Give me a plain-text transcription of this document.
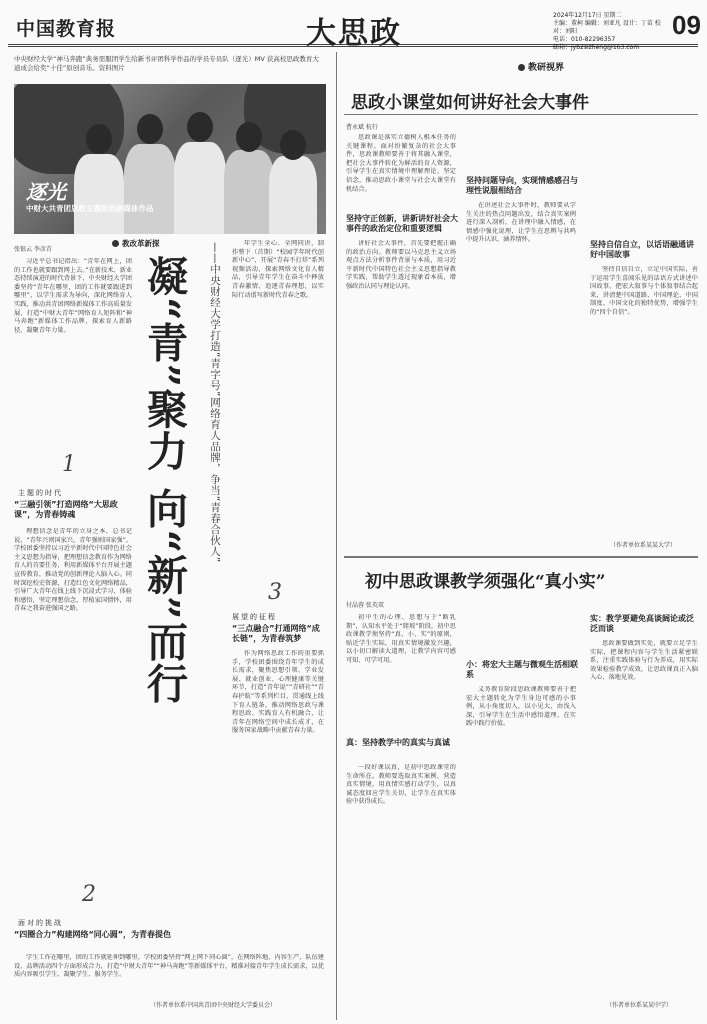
中国教育报	大思政
2024年12月17日 星期二
主编：董柯 编辑：刘亚凡 设计：丁苗 校对：刘阳
电话：010-82296357
邮箱：jyb2sizheng@163.com
09
中央财经大学“神马奔跑”典务需服团学生给新书评团科学作品的学员专员队（逐光）MV 获高校思政教育大道成会给奖“十佳”原创音乐。资料图片
逐光
中财大共青团思政主题原创新媒体作品
教改革新探
张银云 李彦青
习近平总书记指出：“青年在网上，团的工作也就要跟到网上去。”在新技术、新业态持续演进的时代背景下，中央财经大学团委坚持“青年在哪里，团的工作就要跟进到哪里”，以学生需求为导向，深化网络育人实践，推动共青团网络新媒体工作高质量发展，打造“中财大青年”网络育人矩阵和“神马奔跑”新媒体工作品牌，探索育人新路径，凝聚青年力量。
1
主题的时代
“三融引领”打造网络“大思政课”，为青春铸魂
理想信念是青年的立身之本，总书记说，“青年兴则国家兴，青年强则国家强”。学校团委坚持以习近平新时代中国特色社会主义思想为指导，把理想信念教育作为网络育人的首要任务，利用新媒体平台开展主题宣传教育，推动党的创新理论入脑入心。同时深挖校史资源，打造红色文化网络精品，引导广大青年在线上线下沉浸式学习、体验和感悟，坚定理想信念，厚植家国情怀，用青春之我奋进强国之路。
2
面对的挑战
“四圈合力”构建网络“同心圆”，为青春提色
学生工作在哪里，团的工作就延伸到哪里。学校团委坚持“网上网下同心圆”，在网络阵地、内容生产、队伍建设、品牌活动四个方面形成合力，打造“中财大青年”“神马奔跑”等新媒体平台，精准对接青年学生成长需求，以优质内容吸引学生、凝聚学生、服务学生。
凝“青”聚力 向“新”而行	——中央财经大学打造“青字号”网络育人品牌，争当“青春合伙人”	年学生全心、全网同讲，制作整下（首期）“校园学年时代创新中心”，开展“青春不打烊”系列视频活动，探索网络文化育人精品，引导青年学生在奋斗中释放青春激情、追逐青春理想，以实际行动谱写新时代青春之歌。
3
展望的征程
“三点融合”打通网络“成长链”，为青春筑梦
作为网络思政工作的重要抓手，学校团委围绕青年学生的成长需求，聚焦思想引领、学业发展、就业创业、心理健康等关键环节，打造“青年说”“青研社”“青春护航”等系列栏目，贯通线上线下育人链条，推动网络思政与课程思政、实践育人有机融合，让青年在网络空间中成长成才，在服务国家战略中贡献青春力量。
（作者单位系中国共青团中央财经大学委员会）
教研视界
思政小课堂如何讲好社会大事件
曹永斌 杭行
思政课是落实立德树人根本任务的关键课程。面对纷繁复杂的社会大事件，思政课教师要善于将其融入课堂，把社会大事件转化为鲜活的育人资源，引导学生在真实情境中理解理论、坚定信念，推动思政小课堂与社会大课堂有机结合。
坚持守正创新，讲新讲好社会大事件的政治定位和重要逻辑
讲好社会大事件，首先要把握正确的政治方向。教师要以马克思主义立场观点方法分析事件背景与本质，用习近平新时代中国特色社会主义思想指导教学实践，帮助学生透过现象看本质，增强政治认同与理论认同。
坚持问题导向，实现情感感召与理性说服相结合
在讲述社会大事件时，教师要从学生关注的热点问题出发，结合真实案例进行深入剖析，在讲理中融入情感，在情感中强化说理，让学生在思辨与共鸣中提升认识、涵养情怀。
坚持自信自立，以话语融通讲好中国故事
坚持自信自立，立足中国实际，善于运用学生喜闻乐见的话语方式讲述中国故事，把宏大叙事与个体叙事结合起来，讲清楚中国道路、中国理论、中国制度、中国文化的独特优势，增强学生的“四个自信”。
（作者单位系某某大学）
初中思政课教学须强化“真小实”
付晶蓉 张英双
初中生的心理、思想与于“断乳期”，认知水平处于“爬坡”阶段，初中思政课教学须坚持“真、小、实”的原则，贴近学生实际，用真实情境激发兴趣，以小切口解读大道理，让教学内容可感可知、可学可用。
真：坚持教学中的真实与真诚
一段好课以真，是初中思政课堂的生命所在。教师要选取真实案例、营造真实情境，用真情实感打动学生，以真诚态度回应学生关切，让学生在真实体验中获得成长。
小：将宏大主题与微观生活相联系
义务教育阶段思政课教师要善于把宏大主题转化为学生身边可感的小事例，从小角度切入，以小见大、由浅入深，引导学生在生活中感悟道理、在实践中践行价值。
实：教学要避免高谈阔论或泛泛而谈
思政课要做到实处，就要立足学生实际，把课程内容与学生生活紧密联系，注重实践体验与行为养成，用实际效果检验教学成效，让思政课真正入脑入心、落地见效。
（作者单位系某某中学）
